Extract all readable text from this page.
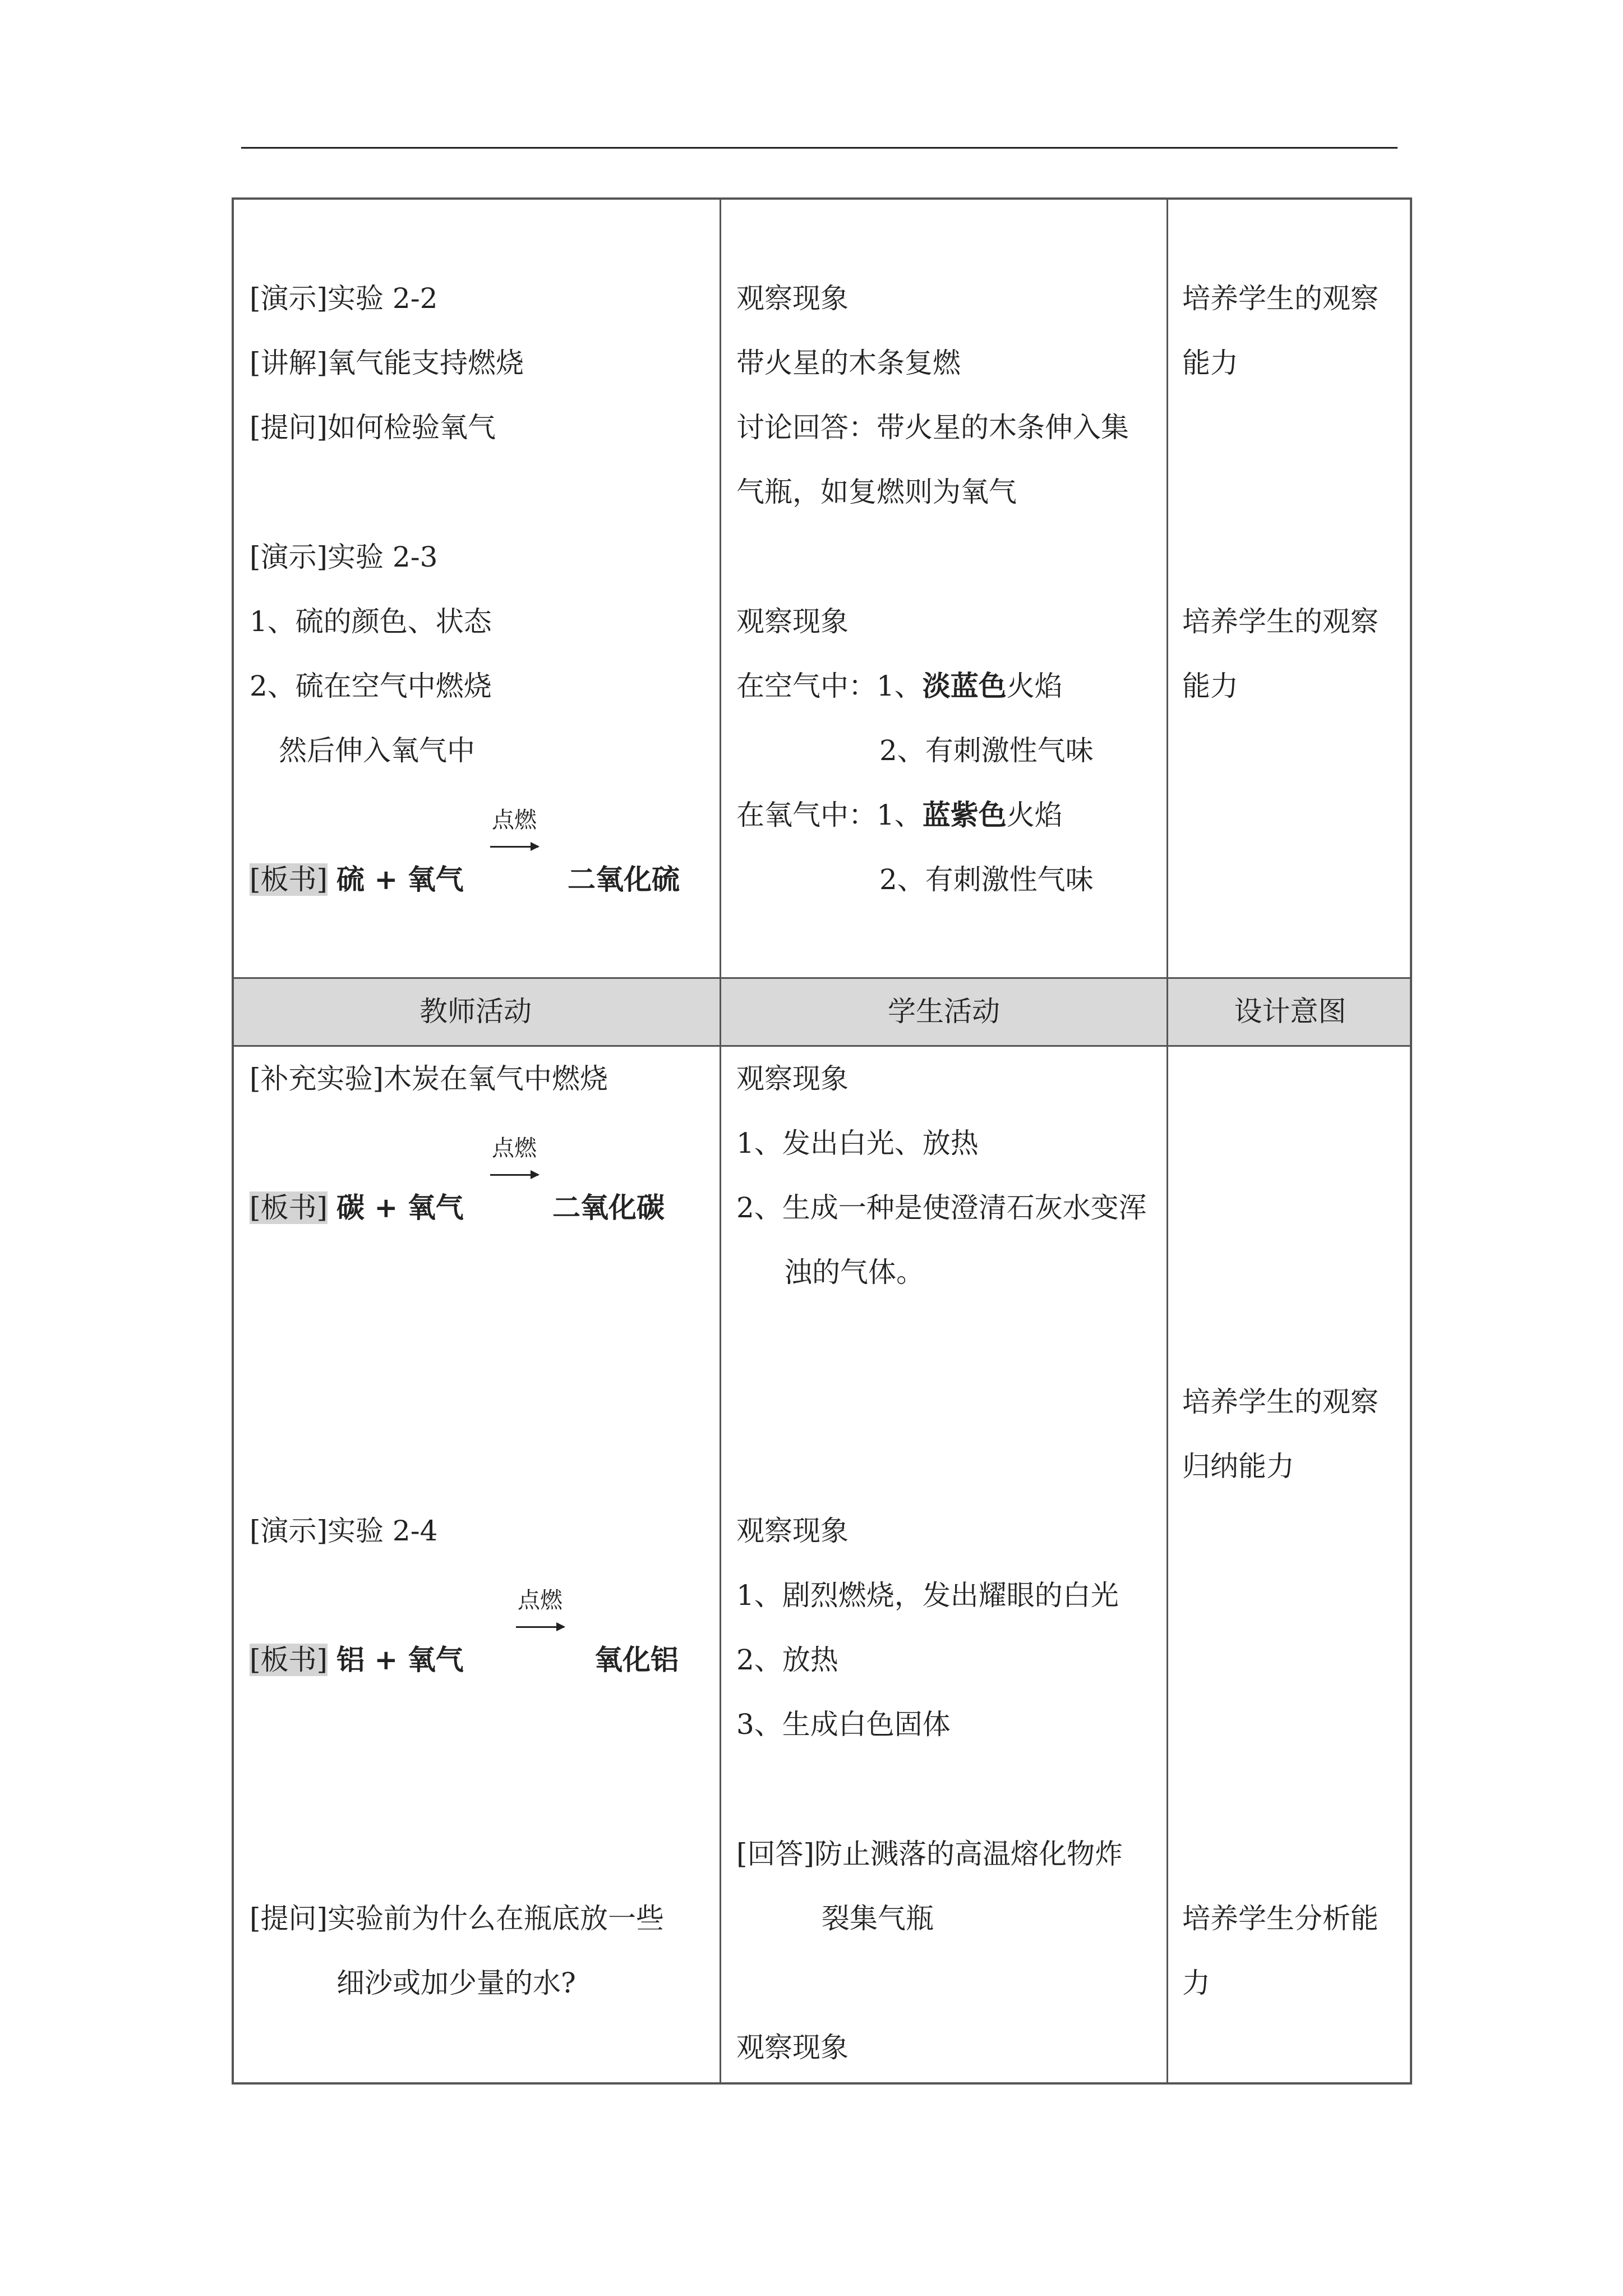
教师活动	学生活动	设计意图
[演示]实验 2-2
[讲解]氧气能支持燃烧
[提问]如何检验氧气
[演示]实验 2-3
1、硫的颜色、状态
2、硫在空气中燃烧
然后伸入氧气中
[板书] 硫 + 氧气
点燃
二氧化硫
观察现象
带火星的木条复燃
讨论回答：带火星的木条伸入集
气瓶，如复燃则为氧气
观察现象
在空气中：1、淡蓝色火焰
2、有刺激性气味
在氧气中：1、蓝紫色火焰
2、有刺激性气味
培养学生的观察
能力
培养学生的观察
能力
[补充实验]木炭在氧气中燃烧
[板书] 碳 + 氧气
点燃
二氧化碳
[演示]实验 2-4
[板书] 铝 + 氧气
点燃
氧化铝
[提问]实验前为什么在瓶底放一些
细沙或加少量的水?
观察现象
1、发出白光、放热
2、生成一种是使澄清石灰水变浑
浊的气体。
观察现象
1、剧烈燃烧，发出耀眼的白光
2、放热
3、生成白色固体
[回答]防止溅落的高温熔化物炸
裂集气瓶
观察现象
培养学生的观察
归纳能力
培养学生分析能
力
